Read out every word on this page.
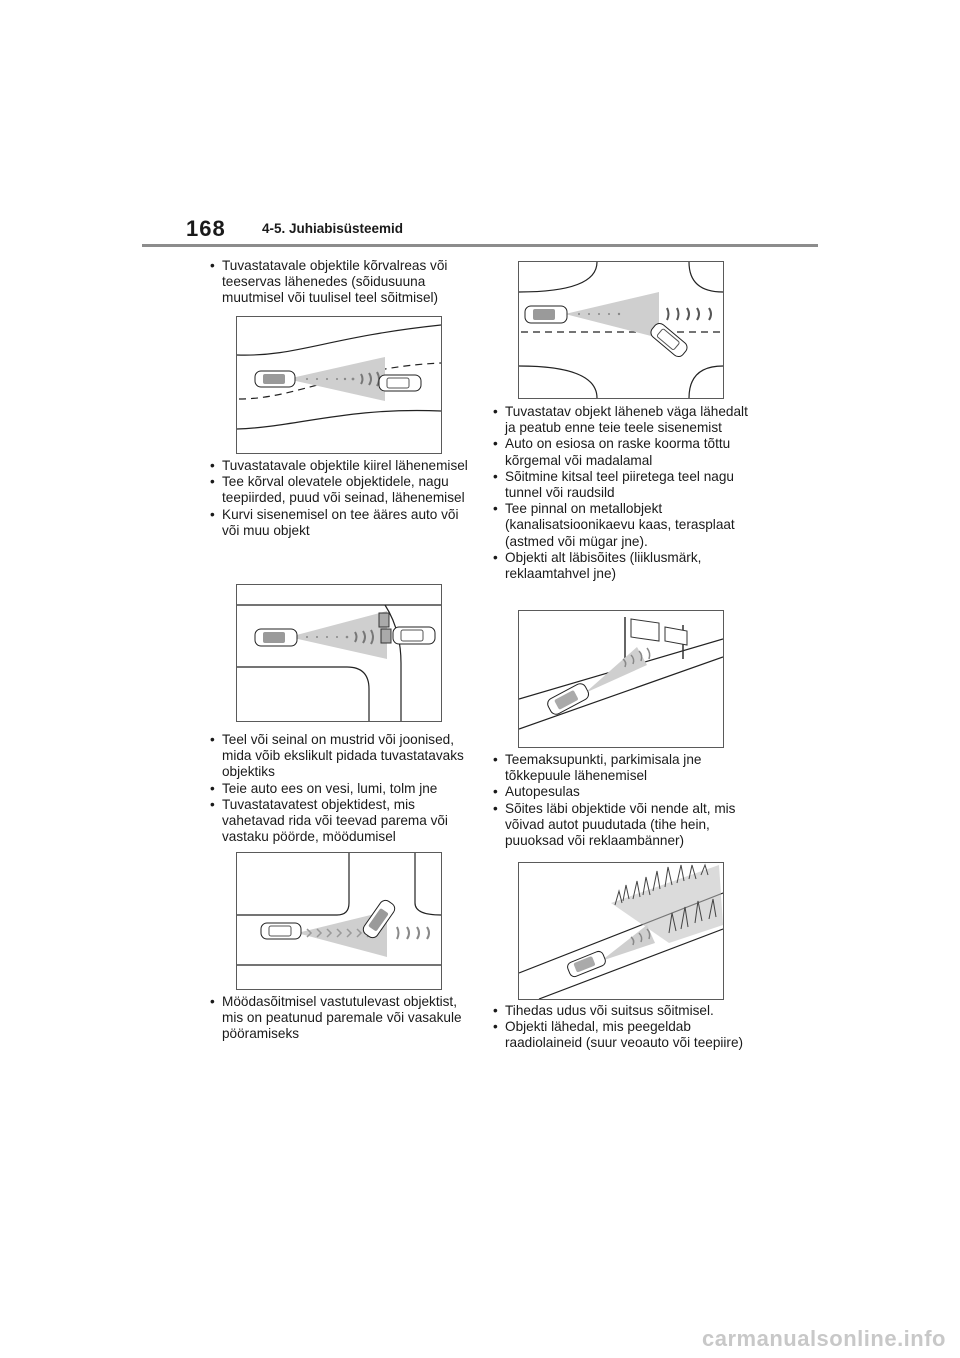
168	4-5. Juhiabisüsteemid
• Tuvastatavale objektile kõrvalreas või teeservas lähenedes (sõidusuuna muutmisel või tuulisel teel sõitmisel)
• Tuvastatavale objektile kiirel lähenemisel
• Tee kõrval olevatele objektidele, nagu teepiirded, puud või seinad, lähenemisel
• Kurvi sisenemisel on tee ääres auto või või muu objekt
• Teel või seinal on mustrid või joonised, mida võib ekslikult pidada tuvastatavaks objektiks
• Teie auto ees on vesi, lumi, tolm jne
• Tuvastatavatest objektidest, mis vahetavad rida või teevad parema või vastaku pöörde, möödumisel
• Möödasõitmisel vastutulevast objektist, mis on peatunud paremale või vasakule pööramiseks
• Tuvastatav objekt läheneb väga lähedalt ja peatub enne teie teele sisenemist
• Auto on esiosa on raske koorma tõttu kõrgemal või madalamal
• Sõitmine kitsal teel piiretega teel nagu tunnel või raudsild
• Tee pinnal on metallobjekt (kanalisatsioonikaevu kaas, terasplaat (astmed või mügar jne).
• Objekti alt läbisõites (liiklusmärk, reklaamtahvel jne)
• Teemaksupunkti, parkimisala jne tõkkepuule lähenemisel
• Autopesulas
• Sõites läbi objektide või nende alt, mis võivad autot puudutada (tihe hein, puuoksad või reklaambänner)
• Tihedas udus või suitsus sõitmisel.
• Objekti lähedal, mis peegeldab raadiolaineid (suur veoauto või teepiire)
carmanualsonline.info
